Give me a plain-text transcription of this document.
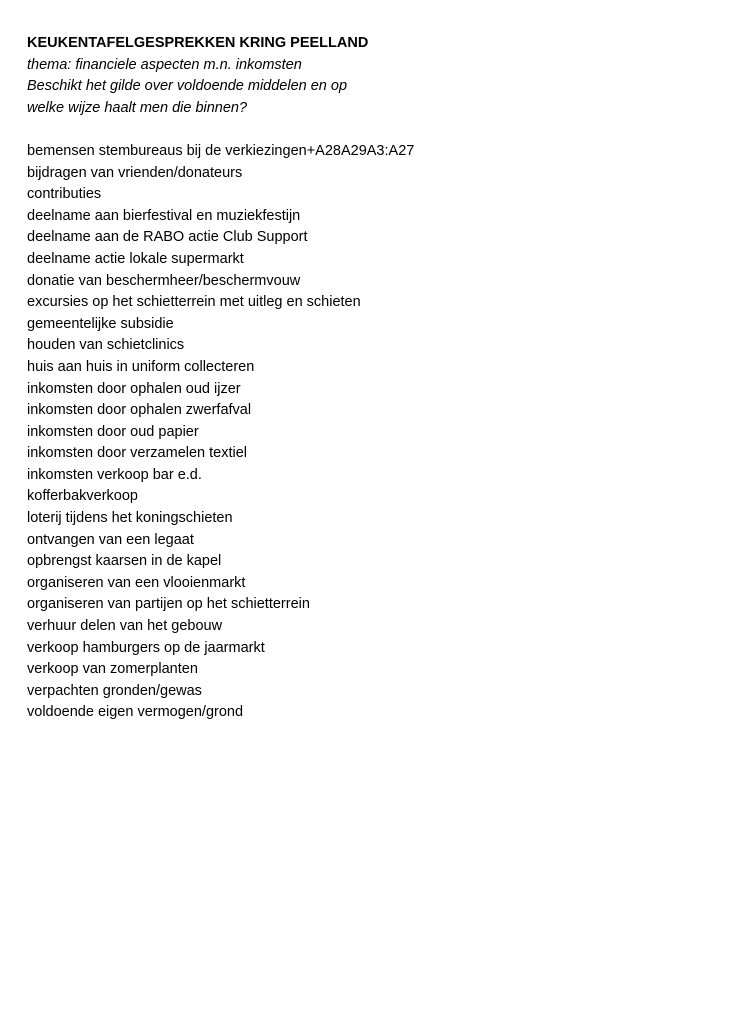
KEUKENTAFELGESPREKKEN KRING PEELLAND

thema: financiele aspecten m.n. inkomsten

Beschikt het gilde over voldoende middelen en op

welke wijze haalt men die binnen?

bemensen stembureaus bij de verkiezingen+A28A29A3:A27
bijdragen van vrienden/donateurs
contributies
deelname aan bierfestival en muziekfestijn
deelname aan de RABO actie Club Support
deelname actie lokale supermarkt
donatie van beschermheer/beschermvouw
excursies op het schietterrein met uitleg en schieten
gemeentelijke subsidie
houden van schietclinics
huis aan huis in uniform collecteren
inkomsten door ophalen oud ijzer
inkomsten door ophalen zwerfafval
inkomsten door oud papier
inkomsten door verzamelen textiel
inkomsten verkoop bar e.d.
kofferbakverkoop
loterij tijdens het koningschieten
ontvangen van een legaat
opbrengst kaarsen in de kapel
organiseren van een vlooienmarkt
organiseren van partijen op het schietterrein
verhuur delen van het gebouw
verkoop hamburgers op de jaarmarkt
verkoop van zomerplanten
verpachten gronden/gewas
voldoende eigen vermogen/grond
